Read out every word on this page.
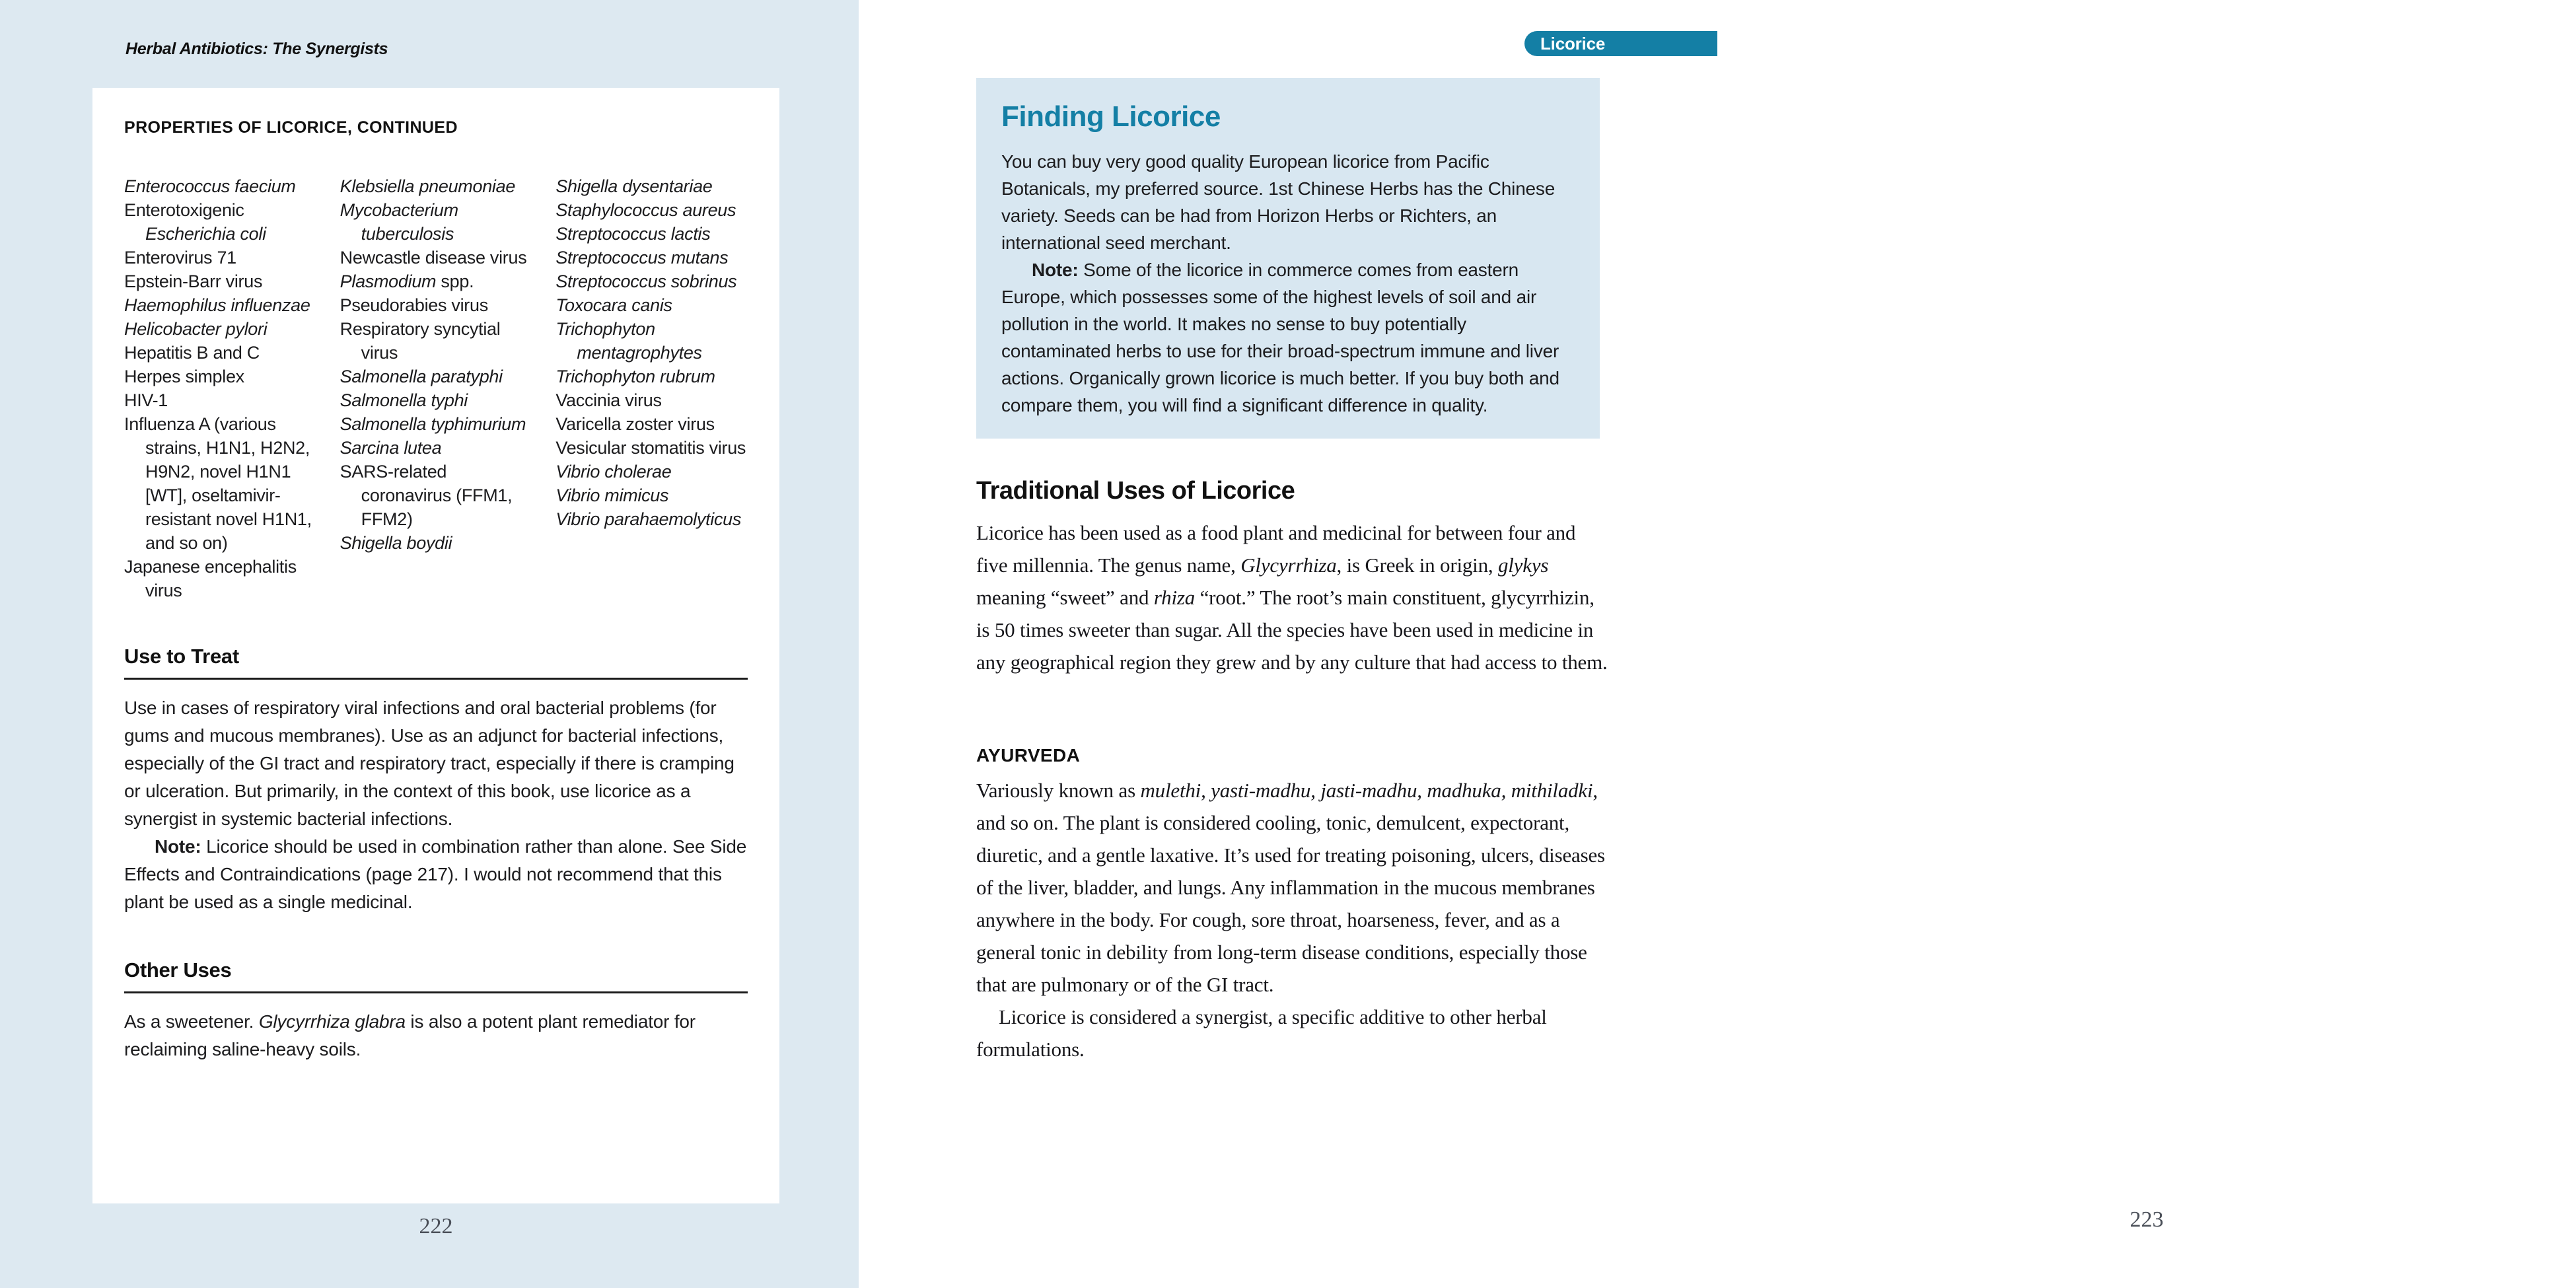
Herbal Antibiotics: The Synergists
PROPERTIES OF LICORICE, CONTINUED
Enterococcus faecium
Enterotoxigenic Escherichia coli
Enterovirus 71
Epstein-Barr virus
Haemophilus influenzae
Helicobacter pylori
Hepatitis B and C
Herpes simplex
HIV-1
Influenza A (various strains, H1N1, H2N2, H9N2, novel H1N1 [WT], oseltamivir-resistant novel H1N1, and so on)
Japanese encephalitis virus
Klebsiella pneumoniae
Mycobacterium tuberculosis
Newcastle disease virus
Plasmodium spp.
Pseudorabies virus
Respiratory syncytial virus
Salmonella paratyphi
Salmonella typhi
Salmonella typhimurium
Sarcina lutea
SARS-related coronavirus (FFM1, FFM2)
Shigella boydii
Shigella dysentariae
Staphylococcus aureus
Streptococcus lactis
Streptococcus mutans
Streptococcus sobrinus
Toxocara canis
Trichophyton mentagrophytes
Trichophyton rubrum
Vaccinia virus
Varicella zoster virus
Vesicular stomatitis virus
Vibrio cholerae
Vibrio mimicus
Vibrio parahaemolyticus
Use to Treat

Use in cases of respiratory viral infections and oral bacterial problems (for gums and mucous membranes). Use as an adjunct for bacterial infections, especially of the GI tract and respiratory tract, especially if there is cramping or ulceration. But primarily, in the context of this book, use licorice as a synergist in systemic bacterial infections.

Note: Licorice should be used in combination rather than alone. See Side Effects and Contraindications (page 217). I would not recommend that this plant be used as a single medicinal.

Other Uses

As a sweetener. Glycyrrhiza glabra is also a potent plant remediator for reclaiming saline-heavy soils.

222
Licorice
Finding Licorice

You can buy very good quality European licorice from Pacific Botanicals, my preferred source. 1st Chinese Herbs has the Chinese variety. Seeds can be had from Horizon Herbs or Richters, an international seed merchant.

Note: Some of the licorice in commerce comes from eastern Europe, which possesses some of the highest levels of soil and air pollution in the world. It makes no sense to buy potentially contaminated herbs to use for their broad-spectrum immune and liver actions. Organically grown licorice is much better. If you buy both and compare them, you will find a significant difference in quality.

Traditional Uses of Licorice

Licorice has been used as a food plant and medicinal for between four and five millennia. The genus name, Glycyrrhiza, is Greek in origin, glykys meaning “sweet” and rhiza “root.” The root’s main constituent, glycyrrhizin, is 50 times sweeter than sugar. All the species have been used in medicine in any geographical region they grew and by any culture that had access to them.

AYURVEDA

Variously known as mulethi, yasti-madhu, jasti-madhu, madhuka, mithiladki, and so on. The plant is considered cooling, tonic, demulcent, expectorant, diuretic, and a gentle laxative. It’s used for treating poisoning, ulcers, diseases of the liver, bladder, and lungs. Any inflammation in the mucous membranes anywhere in the body. For cough, sore throat, hoarseness, fever, and as a general tonic in debility from long-term disease conditions, especially those that are pulmonary or of the GI tract.

Licorice is considered a synergist, a specific additive to other herbal formulations.

223
